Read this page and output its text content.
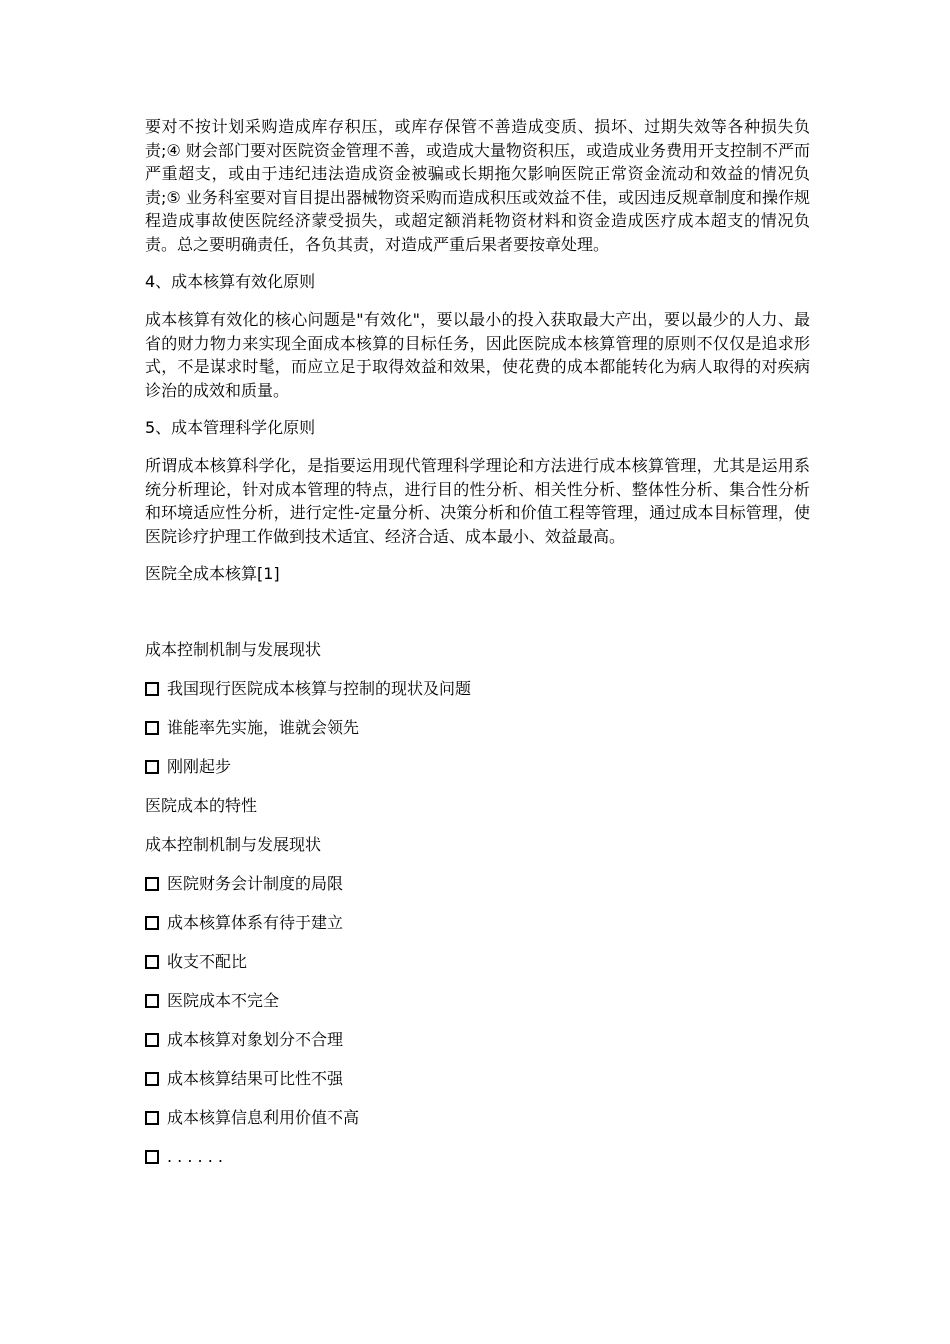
要对不按计划采购造成库存积压，或库存保管不善造成变质、损坏、过期失效等各种损失负责;④ 财会部门要对医院资金管理不善，或造成大量物资积压，或造成业务费用开支控制不严而严重超支，或由于违纪违法造成资金被骗或长期拖欠影响医院正常资金流动和效益的情况负责;⑤ 业务科室要对盲目提出器械物资采购而造成积压或效益不佳，或因违反规章制度和操作规程造成事故使医院经济蒙受损失，或超定额消耗物资材料和资金造成医疗成本超支的情况负责。总之要明确责任，各负其责，对造成严重后果者要按章处理。

4、成本核算有效化原则

成本核算有效化的核心问题是"有效化"，要以最小的投入获取最大产出，要以最少的人力、最省的财力物力来实现全面成本核算的目标任务，因此医院成本核算管理的原则不仅仅是追求形式，不是谋求时髦，而应立足于取得效益和效果，使花费的成本都能转化为病人取得的对疾病诊治的成效和质量。

5、成本管理科学化原则

所谓成本核算科学化，是指要运用现代管理科学理论和方法进行成本核算管理，尤其是运用系统分析理论，针对成本管理的特点，进行目的性分析、相关性分析、整体性分析、集合性分析和环境适应性分析，进行定性-定量分析、决策分析和价值工程等管理，通过成本目标管理，使医院诊疗护理工作做到技术适宜、经济合适、成本最小、效益最高。

医院全成本核算[1]
成本控制机制与发展现状
我国现行医院成本核算与控制的现状及问题
谁能率先实施，谁就会领先
刚刚起步
医院成本的特性
成本控制机制与发展现状
医院财务会计制度的局限
成本核算体系有待于建立
收支不配比
医院成本不完全
成本核算对象划分不合理
成本核算结果可比性不强
成本核算信息利用价值不高
. . . . . .
